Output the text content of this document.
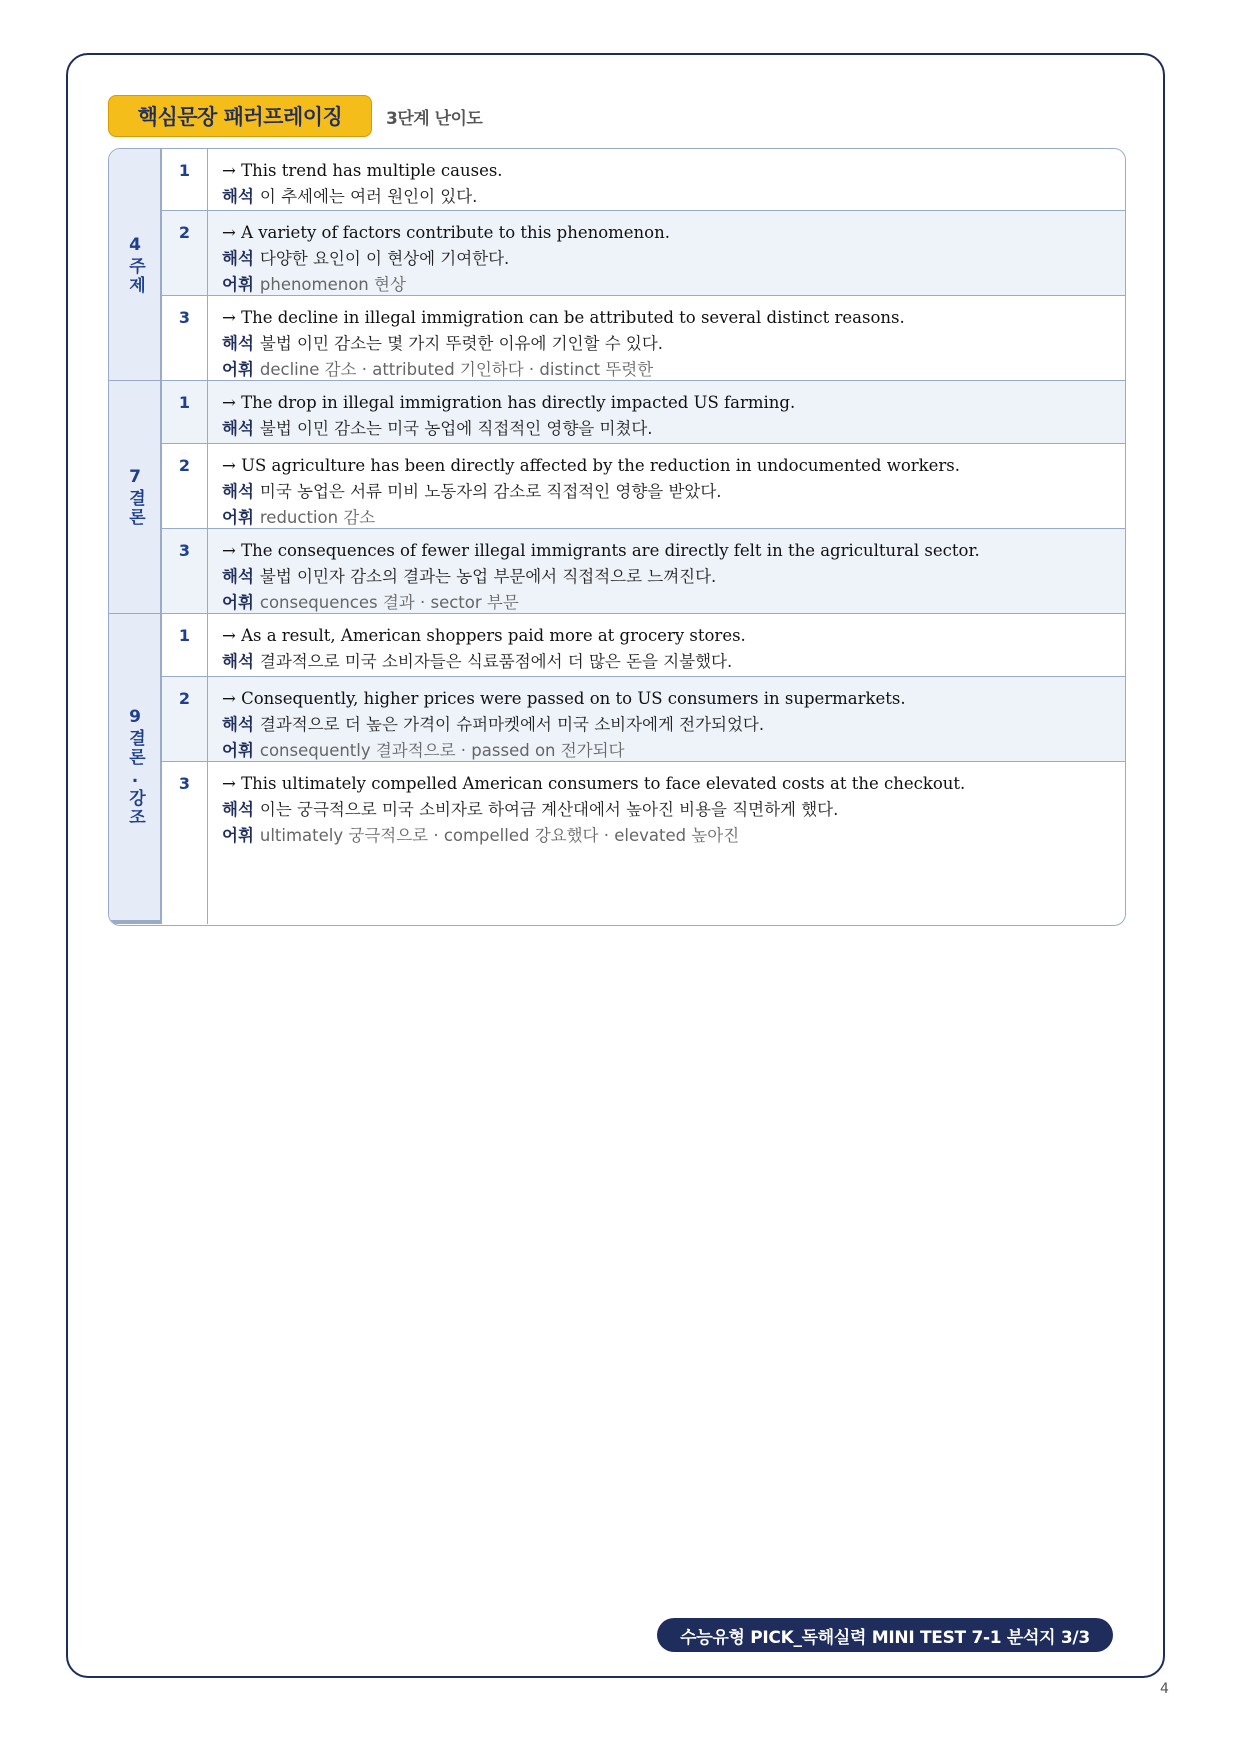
핵심문장 패러프레이징	3단계 난이도
4주제
1	→ This trend has multiple causes.
해석 이 추세에는 여러 원인이 있다.
2	→ A variety of factors contribute to this phenomenon.
해석 다양한 요인이 이 현상에 기여한다.
어휘 phenomenon 현상
3	→ The decline in illegal immigration can be attributed to several distinct reasons.
해석 불법 이민 감소는 몇 가지 뚜렷한 이유에 기인할 수 있다.
어휘 decline 감소 · attributed 기인하다 · distinct 뚜렷한
7결론
1	→ The drop in illegal immigration has directly impacted US farming.
해석 불법 이민 감소는 미국 농업에 직접적인 영향을 미쳤다.
2	→ US agriculture has been directly affected by the reduction in undocumented workers.
해석 미국 농업은 서류 미비 노동자의 감소로 직접적인 영향을 받았다.
어휘 reduction 감소
3	→ The consequences of fewer illegal immigrants are directly felt in the agricultural sector.
해석 불법 이민자 감소의 결과는 농업 부문에서 직접적으로 느껴진다.
어휘 consequences 결과 · sector 부문
9결론.강조
1	→ As a result, American shoppers paid more at grocery stores.
해석 결과적으로 미국 소비자들은 식료품점에서 더 많은 돈을 지불했다.
2	→ Consequently, higher prices were passed on to US consumers in supermarkets.
해석 결과적으로 더 높은 가격이 슈퍼마켓에서 미국 소비자에게 전가되었다.
어휘 consequently 결과적으로 · passed on 전가되다
3	→ This ultimately compelled American consumers to face elevated costs at the checkout.
해석 이는 궁극적으로 미국 소비자로 하여금 계산대에서 높아진 비용을 직면하게 했다.
어휘 ultimately 궁극적으로 · compelled 강요했다 · elevated 높아진
수능유형 PICK_독해실력 MINI TEST 7-1 분석지 3/3
4
